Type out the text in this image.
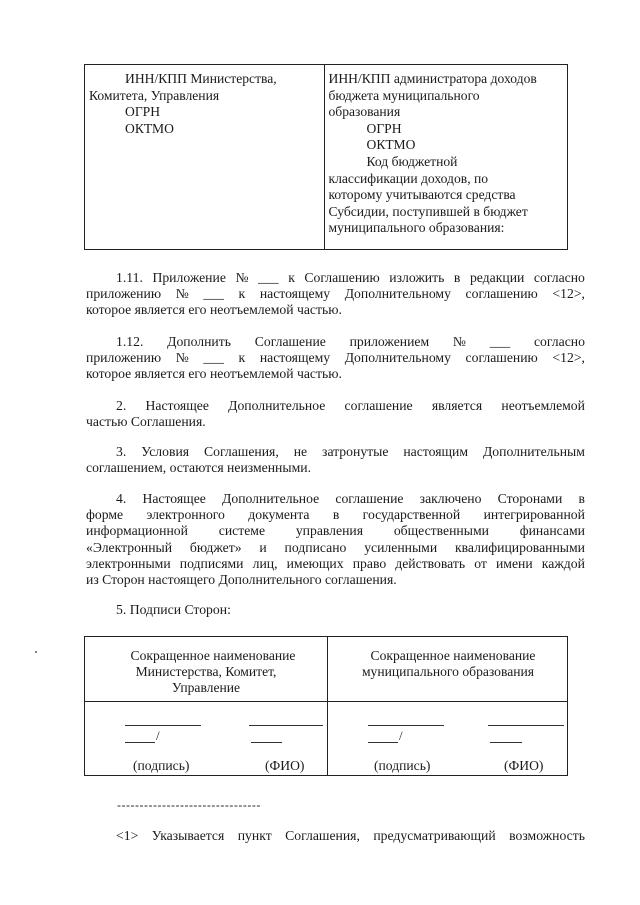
ИНН/КПП Министерства,
Комитета, Управления
ОГРН
ОКТМО
ИНН/КПП администратора доходов
бюджета муниципального
образования
ОГРН
ОКТМО
Код бюджетной
классификации доходов, по
которому учитываются средства
Субсидии, поступившей в бюджет
муниципального образования:
1.11. Приложение № ___ к Соглашению изложить в редакции согласно
приложению № ___ к настоящему Дополнительному соглашению <12>,
которое является его неотъемлемой частью.
1.12. Дополнить Соглашение приложением № ___ согласно
приложению № ___ к настоящему Дополнительному соглашению <12>,
которое является его неотъемлемой частью.
2. Настоящее Дополнительное соглашение является неотъемлемой
частью Соглашения.
3. Условия Соглашения, не затронутые настоящим Дополнительным
соглашением, остаются неизменными.
4. Настоящее Дополнительное соглашение заключено Сторонами в
форме электронного документа в государственной интегрированной
информационной системе управления общественными финансами
«Электронный бюджет» и подписано усиленными квалифицированными
электронными подписями лиц, имеющих право действовать от имени каждой
из Сторон настоящего Дополнительного соглашения.
5. Подписи Сторон:
Сокращенное наименование
Министерства, Комитет,
Управление
/
(подпись)	(ФИО)
Сокращенное наименование
муниципального образования
/
(подпись)	(ФИО)
--------------------------------
<1> Указывается пункт Соглашения, предусматривающий возможность
